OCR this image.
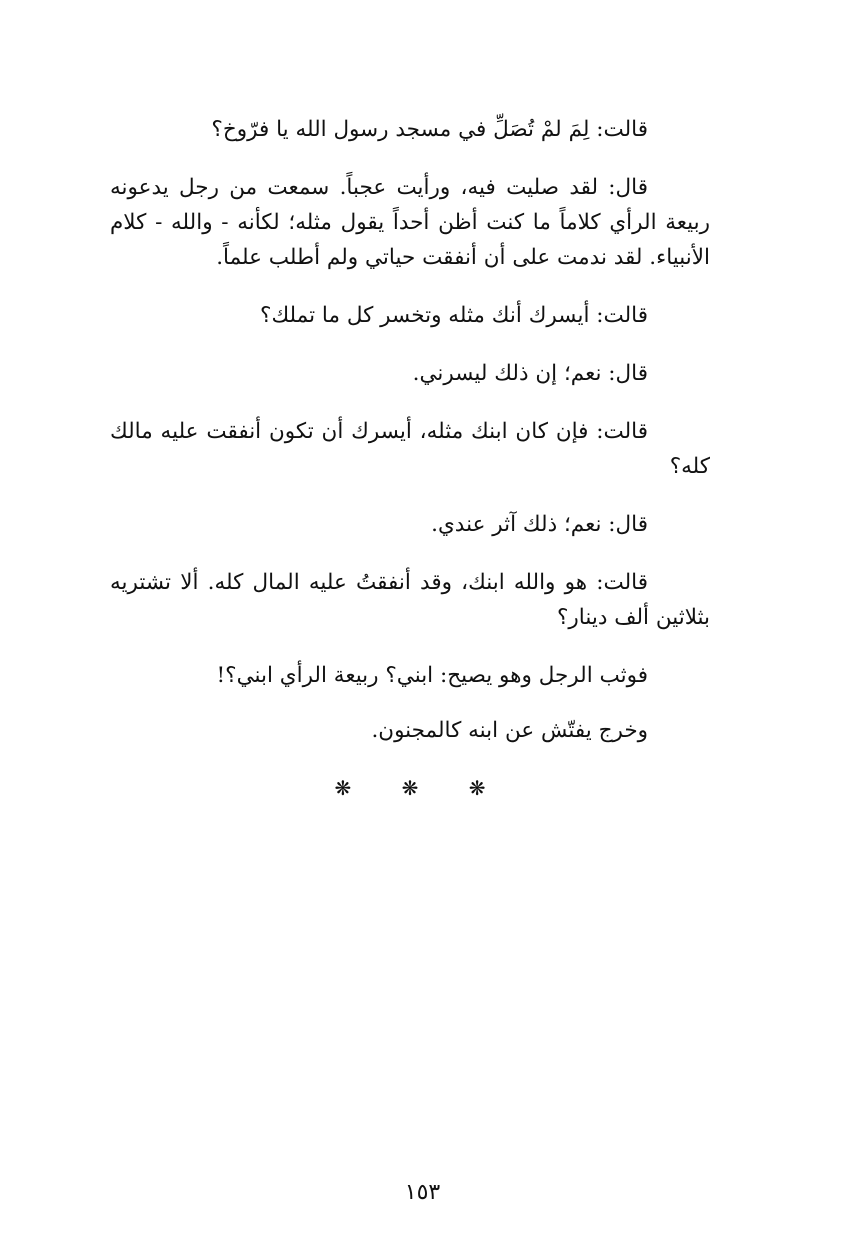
قالت: لِمَ لمْ تُصَلِّ في مسجد رسول الله يا فرّوخ؟

قال: لقد صليت فيه، ورأيت عجباً. سمعت من رجل يدعونه ربيعة الرأي كلاماً ما كنت أظن أحداً يقول مثله؛ لكأنه - والله - كلام الأنبياء. لقد ندمت على أن أنفقت حياتي ولم أطلب علماً.

قالت: أيسرك أنك مثله وتخسر كل ما تملك؟

قال: نعم؛ إن ذلك ليسرني.

قالت: فإن كان ابنك مثله، أيسرك أن تكون أنفقت عليه مالك كله؟

قال: نعم؛ ذلك آثر عندي.

قالت: هو والله ابنك، وقد أنفقتُ عليه المال كله. ألا تشتريه بثلاثين ألف دينار؟

فوثب الرجل وهو يصيح: ابني؟ ربيعة الرأي ابني؟!

وخرج يفتّش عن ابنه كالمجنون.

❋ ❋ ❋
١٥٣
